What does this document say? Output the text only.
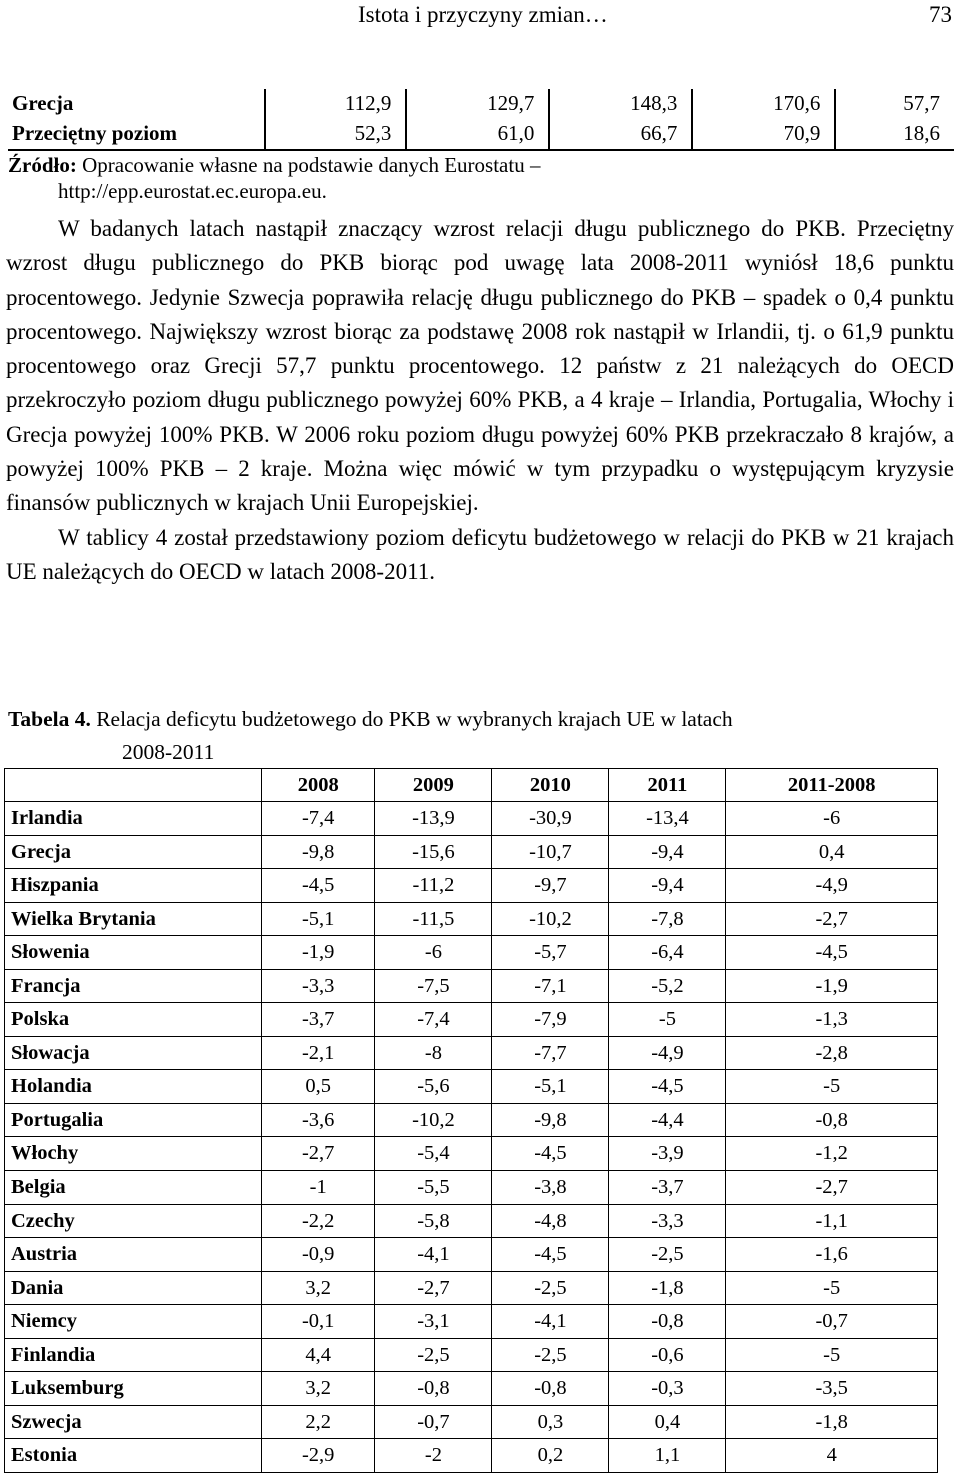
Istota i przyczyny zmian…	73
Grecja	112,9	129,7	148,3	170,6	57,7
Przeciętny poziom	52,3	61,0	66,7	70,9	18,6
Źródło: Opracowanie własne na podstawie danych Eurostatu –
http://epp.eurostat.ec.europa.eu.

W badanych latach nastąpił znaczący wzrost relacji długu publicznego do PKB. Przeciętny wzrost długu publicznego do PKB biorąc pod uwagę lata 2008-2011 wyniósł 18,6 punktu procentowego. Jedynie Szwecja poprawiła relację długu publicznego do PKB – spadek o 0,4 punktu procentowego. Największy wzrost biorąc za podstawę 2008 rok nastąpił w Irlandii, tj. o 61,9 punktu procentowego oraz Grecji 57,7 punktu procentowego. 12 państw z 21 należących do OECD przekroczyło poziom długu publicznego powyżej 60% PKB, a 4 kraje – Irlandia, Portugalia, Włochy i Grecja powyżej 100% PKB. W 2006 roku poziom długu powyżej 60% PKB przekraczało 8 krajów, a powyżej 100% PKB – 2 kraje. Można więc mówić w tym przypadku o występującym kryzysie finansów publicznych w krajach Unii Europejskiej.

W tablicy 4 został przedstawiony poziom deficytu budżetowego w relacji do PKB w 21 krajach UE należących do OECD w latach 2008-2011.

Tabela 4. Relacja deficytu budżetowego do PKB w wybranych krajach UE w latach
2008-2011
	2008	2009	2010	2011	2011-2008
Irlandia	-7,4	-13,9	-30,9	-13,4	-6
Grecja	-9,8	-15,6	-10,7	-9,4	0,4
Hiszpania	-4,5	-11,2	-9,7	-9,4	-4,9
Wielka Brytania	-5,1	-11,5	-10,2	-7,8	-2,7
Słowenia	-1,9	-6	-5,7	-6,4	-4,5
Francja	-3,3	-7,5	-7,1	-5,2	-1,9
Polska	-3,7	-7,4	-7,9	-5	-1,3
Słowacja	-2,1	-8	-7,7	-4,9	-2,8
Holandia	0,5	-5,6	-5,1	-4,5	-5
Portugalia	-3,6	-10,2	-9,8	-4,4	-0,8
Włochy	-2,7	-5,4	-4,5	-3,9	-1,2
Belgia	-1	-5,5	-3,8	-3,7	-2,7
Czechy	-2,2	-5,8	-4,8	-3,3	-1,1
Austria	-0,9	-4,1	-4,5	-2,5	-1,6
Dania	3,2	-2,7	-2,5	-1,8	-5
Niemcy	-0,1	-3,1	-4,1	-0,8	-0,7
Finlandia	4,4	-2,5	-2,5	-0,6	-5
Luksemburg	3,2	-0,8	-0,8	-0,3	-3,5
Szwecja	2,2	-0,7	0,3	0,4	-1,8
Estonia	-2,9	-2	0,2	1,1	4
